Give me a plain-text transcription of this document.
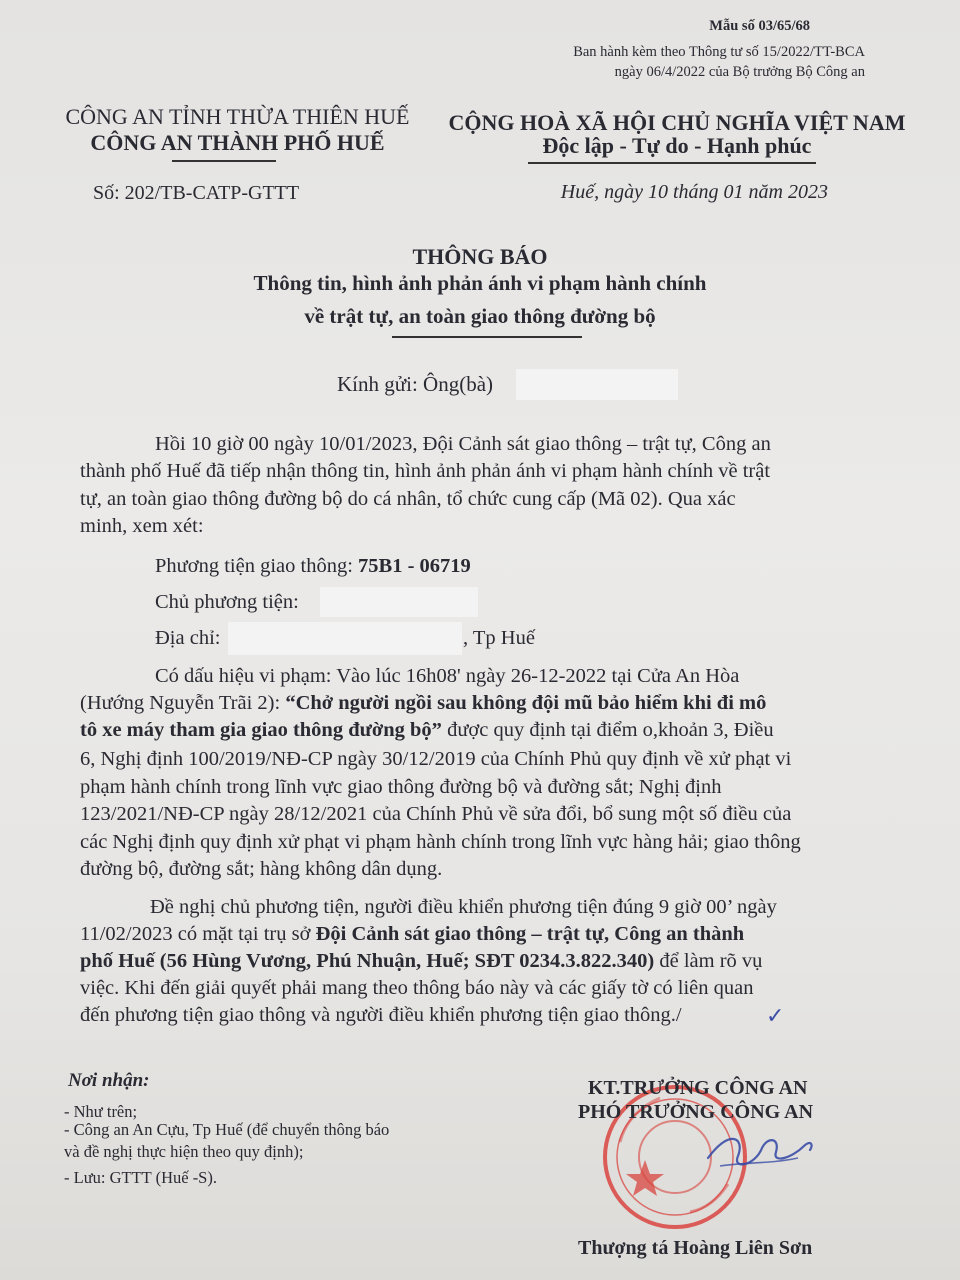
Mẫu số 03/65/68
Ban hành kèm theo Thông tư số 15/2022/TT-BCA
ngày 06/4/2022 của Bộ trưởng Bộ Công an
CÔNG AN TỈNH THỪA THIÊN HUẾ
CÔNG AN THÀNH PHỐ HUẾ
CỘNG HOÀ XÃ HỘI CHỦ NGHĨA VIỆT NAM
Độc lập - Tự do - Hạnh phúc
Số: 202/TB-CATP-GTTT	Huế, ngày 10 tháng 01 năm 2023
THÔNG BÁO
Thông tin, hình ảnh phản ánh vi phạm hành chính
về trật tự, an toàn giao thông đường bộ
Kính gửi: Ông(bà)
Hồi 10 giờ 00 ngày 10/01/2023, Đội Cảnh sát giao thông – trật tự, Công an
thành phố Huế đã tiếp nhận thông tin, hình ảnh phản ánh vi phạm hành chính về trật
tự, an toàn giao thông đường bộ do cá nhân, tổ chức cung cấp (Mã 02). Qua xác
minh, xem xét:
Phương tiện giao thông: 75B1 - 06719
Chủ phương tiện:
Địa chỉ:	, Tp Huế
Có dấu hiệu vi phạm: Vào lúc 16h08' ngày 26-12-2022 tại Cửa An Hòa
(Hướng Nguyễn Trãi 2): “Chở người ngồi sau không đội mũ bảo hiểm khi đi mô
tô xe máy tham gia giao thông đường bộ” được quy định tại điểm o,khoản 3, Điều
6, Nghị định 100/2019/NĐ-CP ngày 30/12/2019 của Chính Phủ quy định về xử phạt vi
phạm hành chính trong lĩnh vực giao thông đường bộ và đường sắt; Nghị định
123/2021/NĐ-CP ngày 28/12/2021 của Chính Phủ về sửa đổi, bổ sung một số điều của
các Nghị định quy định xử phạt vi phạm hành chính trong lĩnh vực hàng hải; giao thông
đường bộ, đường sắt; hàng không dân dụng.
Đề nghị chủ phương tiện, người điều khiển phương tiện đúng 9 giờ 00’ ngày
11/02/2023 có mặt tại trụ sở Đội Cảnh sát giao thông – trật tự, Công an thành
phố Huế (56 Hùng Vương, Phú Nhuận, Huế; SĐT 0234.3.822.340) để làm rõ vụ
việc. Khi đến giải quyết phải mang theo thông báo này và các giấy tờ có liên quan
đến phương tiện giao thông và người điều khiển phương tiện giao thông./	✓
Nơi nhận:
- Như trên;
- Công an An Cựu, Tp Huế (để chuyển thông báo
và đề nghị thực hiện theo quy định);
- Lưu: GTTT (Huế -S).
KT.TRƯỞNG CÔNG AN
PHÓ TRƯỞNG CÔNG AN
Thượng tá Hoàng Liên Sơn
